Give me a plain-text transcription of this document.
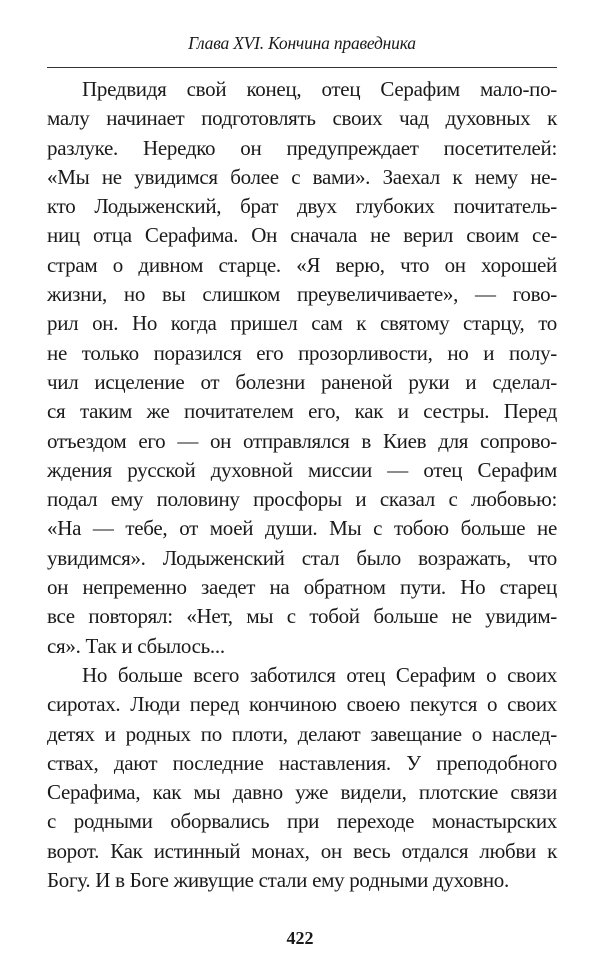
Глава XVI. Кончина праведника
Предвидя свой конец, отец Серафим мало-по-
малу начинает подготовлять своих чад духовных к
разлуке. Нередко он предупреждает посетителей:
«Мы не увидимся более с вами». Заехал к нему не-
кто Лодыженский, брат двух глубоких почитатель-
ниц отца Серафима. Он сначала не верил своим се-
страм о дивном старце. «Я верю, что он хорошей
жизни, но вы слишком преувеличиваете», — гово-
рил он. Но когда пришел сам к святому старцу, то
не только поразился его прозорливости, но и полу-
чил исцеление от болезни раненой руки и сделал-
ся таким же почитателем его, как и сестры. Перед
отъездом его — он отправлялся в Киев для сопрово-
ждения русской духовной миссии — отец Серафим
подал ему половину просфоры и сказал с любовью:
«На — тебе, от моей души. Мы с тобою больше не
увидимся». Лодыженский стал было возражать, что
он непременно заедет на обратном пути. Но старец
все повторял: «Нет, мы с тобой больше не увидим-
ся». Так и сбылось...
Но больше всего заботился отец Серафим о своих
сиротах. Люди перед кончиною своею пекутся о своих
детях и родных по плоти, делают завещание о наслед-
ствах, дают последние наставления. У преподобного
Серафима, как мы давно уже видели, плотские связи
с родными оборвались при переходе монастырских
ворот. Как истинный монах, он весь отдался любви к
Богу. И в Боге живущие стали ему родными духовно.
422
